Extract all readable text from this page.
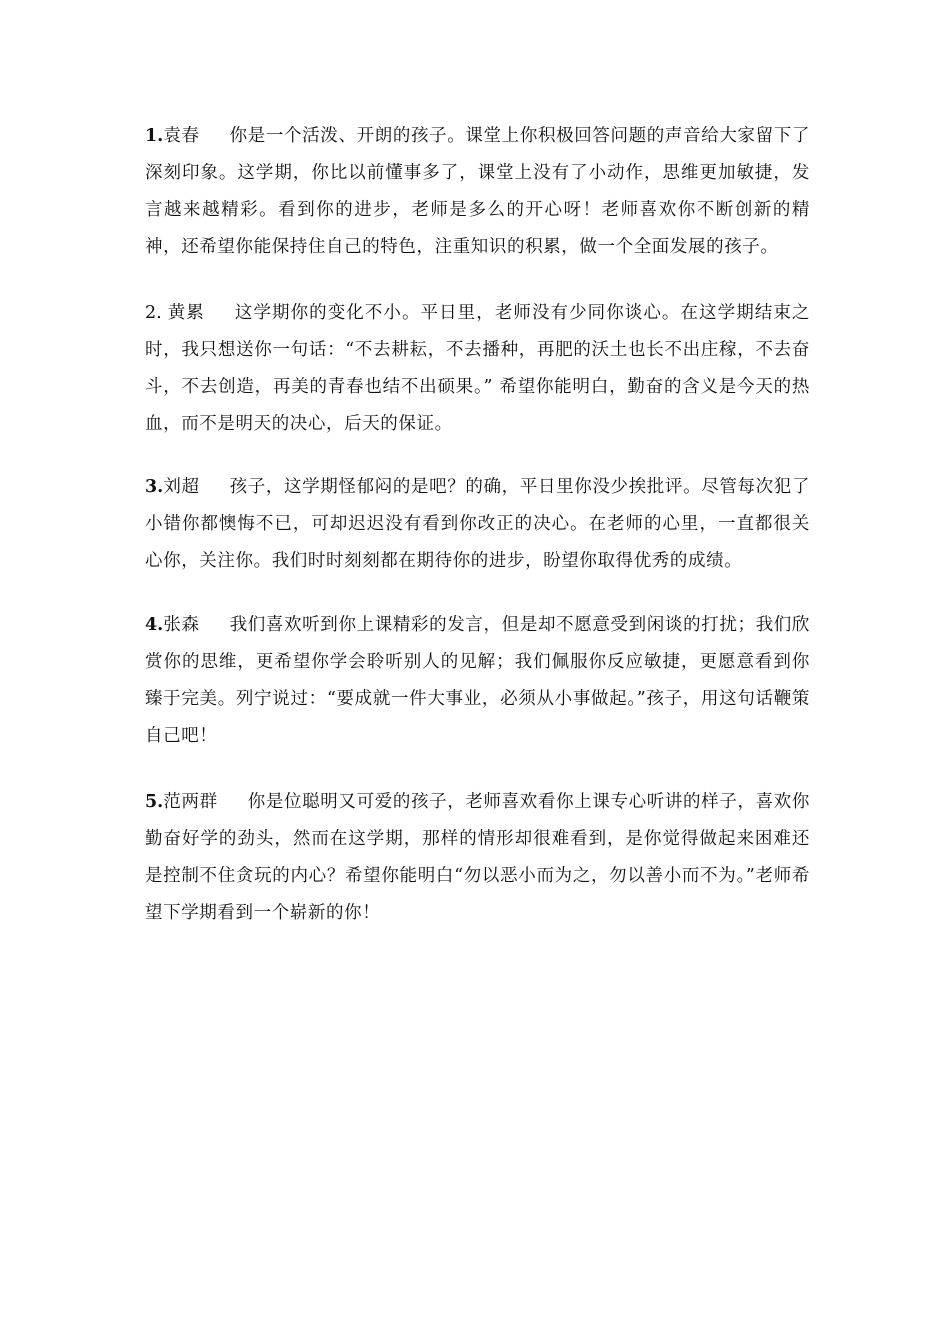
1.袁春 你是一个活泼、开朗的孩子。课堂上你积极回答问题的声音给大家留下了深刻印象。这学期，你比以前懂事多了，课堂上没有了小动作，思维更加敏捷，发言越来越精彩。看到你的进步，老师是多么的开心呀！老师喜欢你不断创新的精神，还希望你能保持住自己的特色，注重知识的积累，做一个全面发展的孩子。

2. 黄累 这学期你的变化不小。平日里，老师没有少同你谈心。在这学期结束之时，我只想送你一句话：“不去耕耘，不去播种，再肥的沃土也长不出庄稼，不去奋斗，不去创造，再美的青春也结不出硕果。” 希望你能明白，勤奋的含义是今天的热血，而不是明天的决心，后天的保证。

3.刘超 孩子，这学期怪郁闷的是吧？的确，平日里你没少挨批评。尽管每次犯了小错你都懊悔不已，可却迟迟没有看到你改正的决心。在老师的心里，一直都很关心你，关注你。我们时时刻刻都在期待你的进步，盼望你取得优秀的成绩。

4.张森 我们喜欢听到你上课精彩的发言，但是却不愿意受到闲谈的打扰；我们欣赏你的思维，更希望你学会聆听别人的见解；我们佩服你反应敏捷，更愿意看到你臻于完美。列宁说过：“要成就一件大事业，必须从小事做起。”孩子，用这句话鞭策自己吧！

5.范两群 你是位聪明又可爱的孩子，老师喜欢看你上课专心听讲的样子，喜欢你勤奋好学的劲头，然而在这学期，那样的情形却很难看到，是你觉得做起来困难还是控制不住贪玩的内心？希望你能明白“勿以恶小而为之，勿以善小而不为。”老师希望下学期看到一个崭新的你！
